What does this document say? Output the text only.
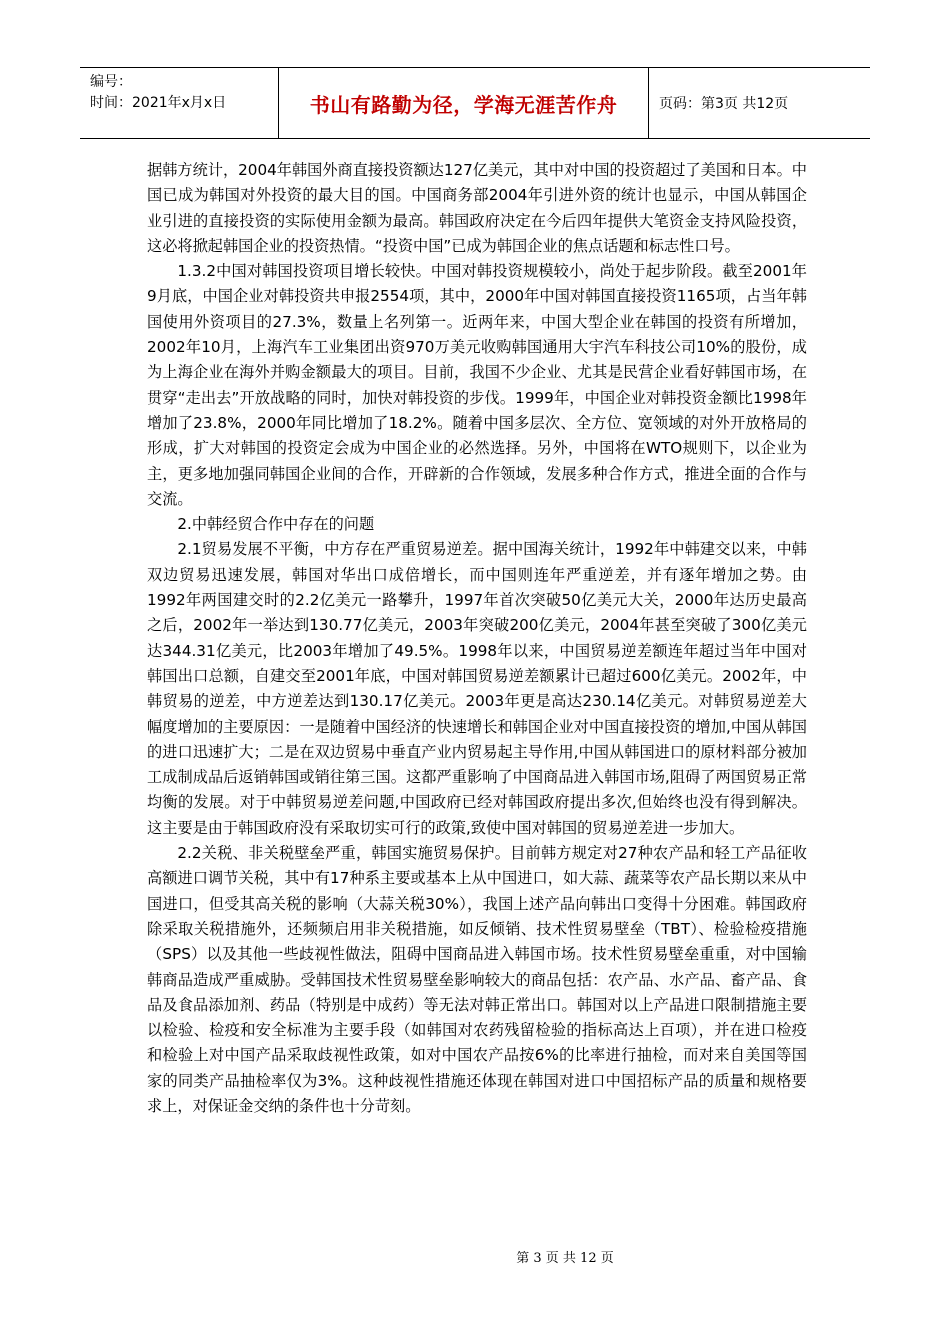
编号：
时间：2021年x月x日	书山有路勤为径，学海无涯苦作舟	页码：第3页 共12页

据韩方统计，2004年韩国外商直接投资额达127亿美元，其中对中国的投资超过了美国和日本。中国已成为韩国对外投资的最大目的国。中国商务部2004年引进外资的统计也显示，中国从韩国企业引进的直接投资的实际使用金额为最高。韩国政府决定在今后四年提供大笔资金支持风险投资，这必将掀起韩国企业的投资热情。“投资中国”已成为韩国企业的焦点话题和标志性口号。

1.3.2中国对韩国投资项目增长较快。中国对韩投资规模较小，尚处于起步阶段。截至2001年9月底，中国企业对韩投资共申报2554项，其中，2000年中国对韩国直接投资1165项，占当年韩国使用外资项目的27.3%，数量上名列第一。近两年来，中国大型企业在韩国的投资有所增加，2002年10月，上海汽车工业集团出资970万美元收购韩国通用大宇汽车科技公司10%的股份，成为上海企业在海外并购金额最大的项目。目前，我国不少企业、尤其是民营企业看好韩国市场，在贯穿“走出去”开放战略的同时，加快对韩投资的步伐。1999年，中国企业对韩投资金额比1998年增加了23.8%，2000年同比增加了18.2%。随着中国多层次、全方位、宽领域的对外开放格局的形成，扩大对韩国的投资定会成为中国企业的必然选择。另外，中国将在WTO规则下，以企业为主，更多地加强同韩国企业间的合作，开辟新的合作领域，发展多种合作方式，推进全面的合作与交流。

2.中韩经贸合作中存在的问题

2.1贸易发展不平衡，中方存在严重贸易逆差。据中国海关统计，1992年中韩建交以来，中韩双边贸易迅速发展，韩国对华出口成倍增长，而中国则连年严重逆差，并有逐年增加之势。由1992年两国建交时的2.2亿美元一路攀升，1997年首次突破50亿美元大关，2000年达历史最高之后，2002年一举达到130.77亿美元，2003年突破200亿美元，2004年甚至突破了300亿美元达344.31亿美元，比2003年增加了49.5%。1998年以来，中国贸易逆差额连年超过当年中国对韩国出口总额，自建交至2001年底，中国对韩国贸易逆差额累计已超过600亿美元。2002年，中韩贸易的逆差，中方逆差达到130.17亿美元。2003年更是高达230.14亿美元。对韩贸易逆差大幅度增加的主要原因：一是随着中国经济的快速增长和韩国企业对中国直接投资的增加,中国从韩国的进口迅速扩大；二是在双边贸易中垂直产业内贸易起主导作用,中国从韩国进口的原材料部分被加工成制成品后返销韩国或销往第三国。这都严重影响了中国商品进入韩国市场,阻碍了两国贸易正常均衡的发展。对于中韩贸易逆差问题,中国政府已经对韩国政府提出多次,但始终也没有得到解决。这主要是由于韩国政府没有采取切实可行的政策,致使中国对韩国的贸易逆差进一步加大。

2.2关税、非关税壁垒严重，韩国实施贸易保护。目前韩方规定对27种农产品和轻工产品征收高额进口调节关税，其中有17种系主要或基本上从中国进口，如大蒜、蔬菜等农产品长期以来从中国进口，但受其高关税的影响（大蒜关税30%），我国上述产品向韩出口变得十分困难。韩国政府除采取关税措施外，还频频启用非关税措施，如反倾销、技术性贸易壁垒（TBT）、检验检疫措施（SPS）以及其他一些歧视性做法，阻碍中国商品进入韩国市场。技术性贸易壁垒重重，对中国输韩商品造成严重威胁。受韩国技术性贸易壁垒影响较大的商品包括：农产品、水产品、畜产品、食品及食品添加剂、药品（特别是中成药）等无法对韩正常出口。韩国对以上产品进口限制措施主要以检验、检疫和安全标准为主要手段（如韩国对农药残留检验的指标高达上百项），并在进口检疫和检验上对中国产品采取歧视性政策，如对中国农产品按6%的比率进行抽检，而对来自美国等国家的同类产品抽检率仅为3%。这种歧视性措施还体现在韩国对进口中国招标产品的质量和规格要求上，对保证金交纳的条件也十分苛刻。

第 3 页 共 12 页
